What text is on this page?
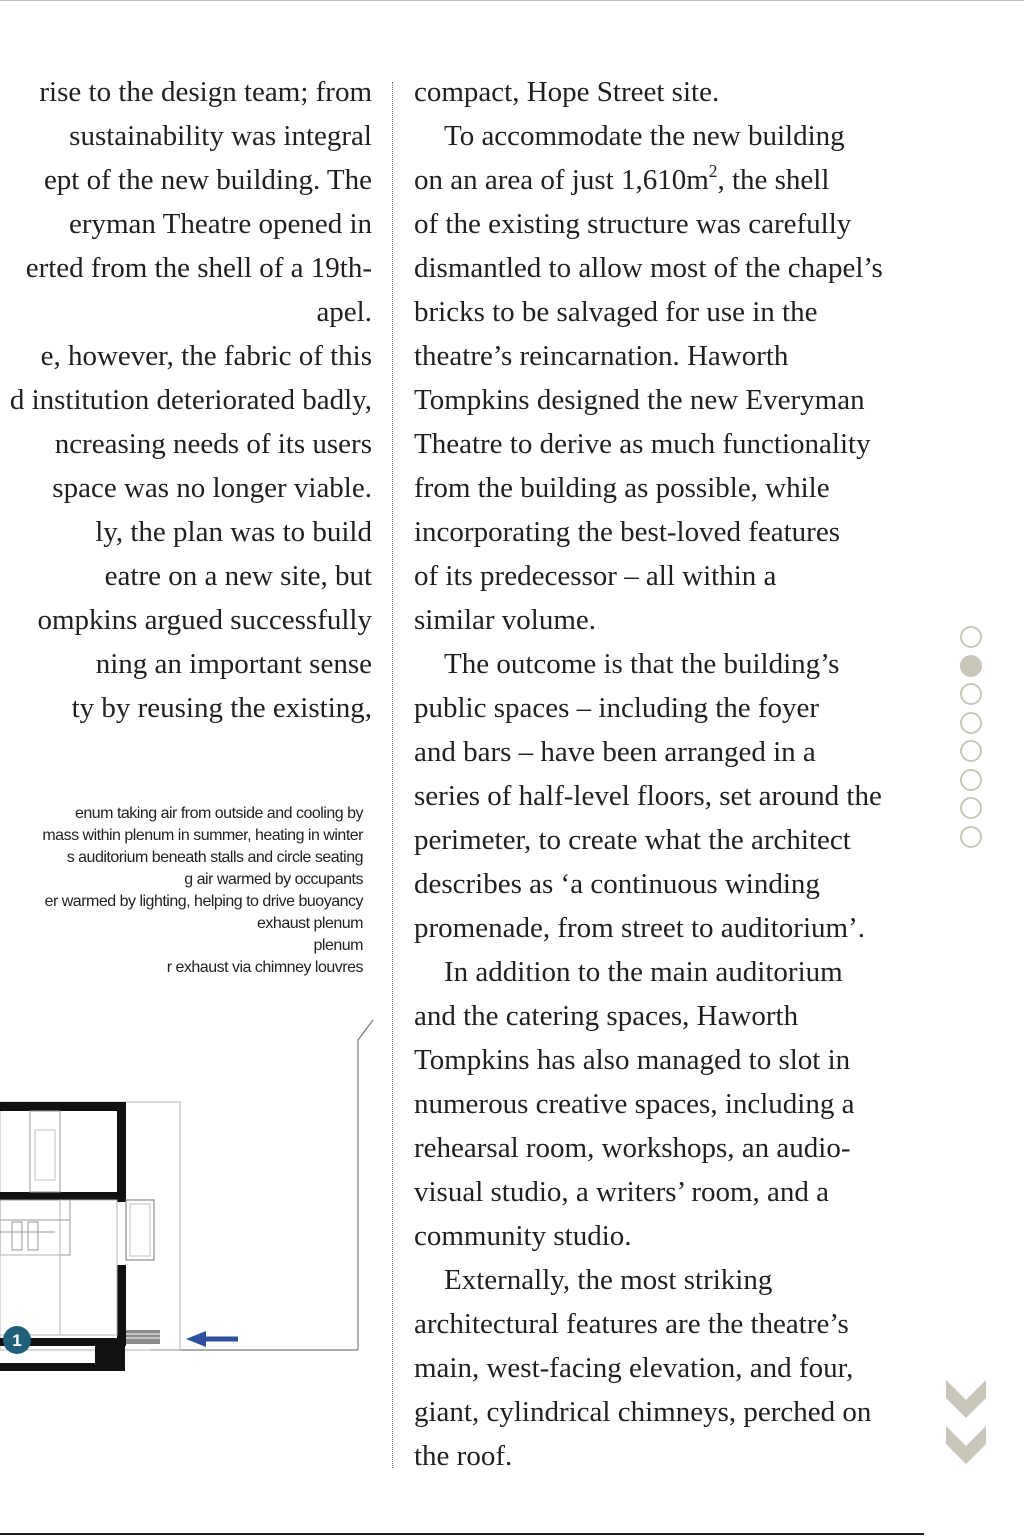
rise to the design team; from
sustainability was integral
ept of the new building. The
eryman Theatre opened in
erted from the shell of a 19th-
apel.
e, however, the fabric of this
d institution deteriorated badly,
ncreasing needs of its users
space was no longer viable.
ly, the plan was to build
eatre on a new site, but
ompkins argued successfully
ning an important sense
ty by reusing the existing,
enum taking air from outside and cooling by
mass within plenum in summer, heating in winter
s auditorium beneath stalls and circle seating
g air warmed by occupants
er warmed by lighting, helping to drive buoyancy
exhaust plenum
plenum
r exhaust via chimney louvres
1
compact, Hope Street site.
To accommodate the new building
on an area of just $1,610m^2$, the shell
of the existing structure was carefully
dismantled to allow most of the chapel’s
bricks to be salvaged for use in the
theatre’s reincarnation. Haworth
Tompkins designed the new Everyman
Theatre to derive as much functionality
from the building as possible, while
incorporating the best-loved features
of its predecessor – all within a
similar volume.
The outcome is that the building’s
public spaces – including the foyer
and bars – have been arranged in a
series of half-level floors, set around the
perimeter, to create what the architect
describes as ‘a continuous winding
promenade, from street to auditorium’.
In addition to the main auditorium
and the catering spaces, Haworth
Tompkins has also managed to slot in
numerous creative spaces, including a
rehearsal room, workshops, an audio-
visual studio, a writers’ room, and a
community studio.
Externally, the most striking
architectural features are the theatre’s
main, west-facing elevation, and four,
giant, cylindrical chimneys, perched on
the roof.
